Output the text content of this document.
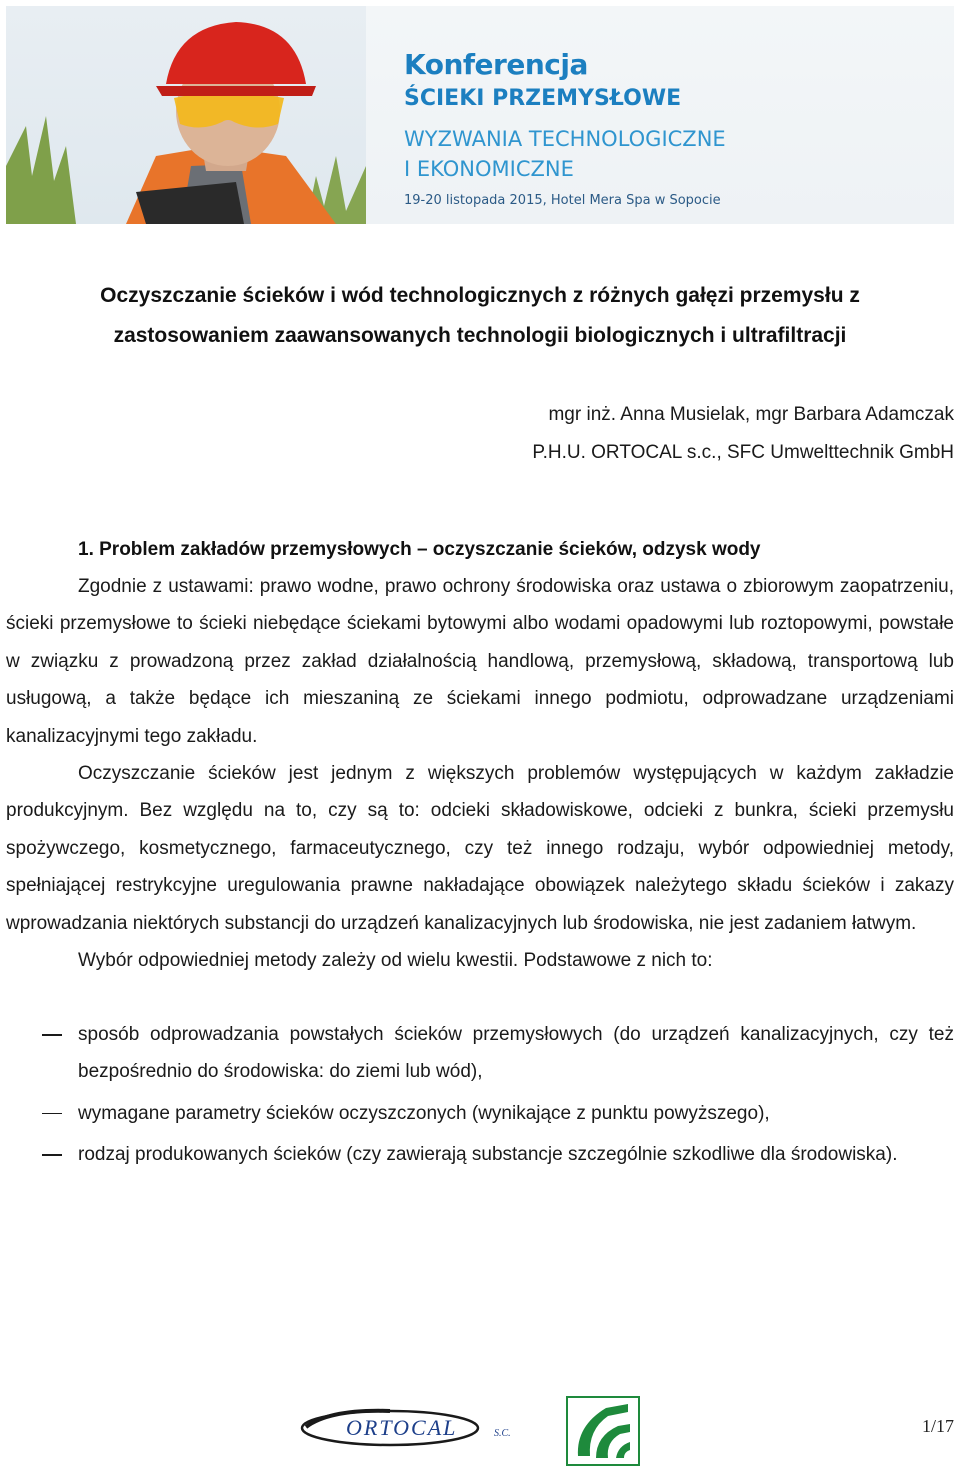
Konferencja
ŚCIEKI PRZEMYSŁOWE
WYZWANIA TECHNOLOGICZNE
I EKONOMICZNE
19-20 listopada 2015, Hotel Mera Spa w Sopocie
Oczyszczanie ścieków i wód technologicznych z różnych gałęzi przemysłu z
zastosowaniem zaawansowanych technologii biologicznych i ultrafiltracji
mgr inż. Anna Musielak, mgr Barbara Adamczak
P.H.U. ORTOCAL s.c., SFC Umwelttechnik GmbH
1. Problem zakładów przemysłowych – oczyszczanie ścieków, odzysk wody

Zgodnie z ustawami: prawo wodne, prawo ochrony środowiska oraz ustawa o zbiorowym zaopatrzeniu, ścieki przemysłowe to ścieki niebędące ściekami bytowymi albo wodami opadowymi lub roztopowymi, powstałe w związku z prowadzoną przez zakład działalnością handlową, przemysłową, składową, transportową lub usługową, a także będące ich mieszaniną ze ściekami innego podmiotu, odprowadzane urządzeniami kanalizacyjnymi tego zakładu.

Oczyszczanie ścieków jest jednym z większych problemów występujących w każdym zakładzie produkcyjnym. Bez względu na to, czy są to: odcieki składowiskowe, odcieki z bunkra, ścieki przemysłu spożywczego, kosmetycznego, farmaceutycznego, czy też innego rodzaju, wybór odpowiedniej metody, spełniającej restrykcyjne uregulowania prawne nakładające obowiązek należytego składu ścieków i zakazy wprowadzania niektórych substancji do urządzeń kanalizacyjnych lub środowiska, nie jest zadaniem łatwym.

Wybór odpowiedniej metody zależy od wielu kwestii. Podstawowe z nich to:

sposób odprowadzania powstałych ścieków przemysłowych (do urządzeń kanalizacyjnych, czy też bezpośrednio do środowiska: do ziemi lub wód),
wymagane parametry ścieków oczyszczonych (wynikające z punktu powyższego),
rodzaj produkowanych ścieków (czy zawierają substancje szczególnie szkodliwe dla środowiska).
ORTOCAL	S.C.	1/17
